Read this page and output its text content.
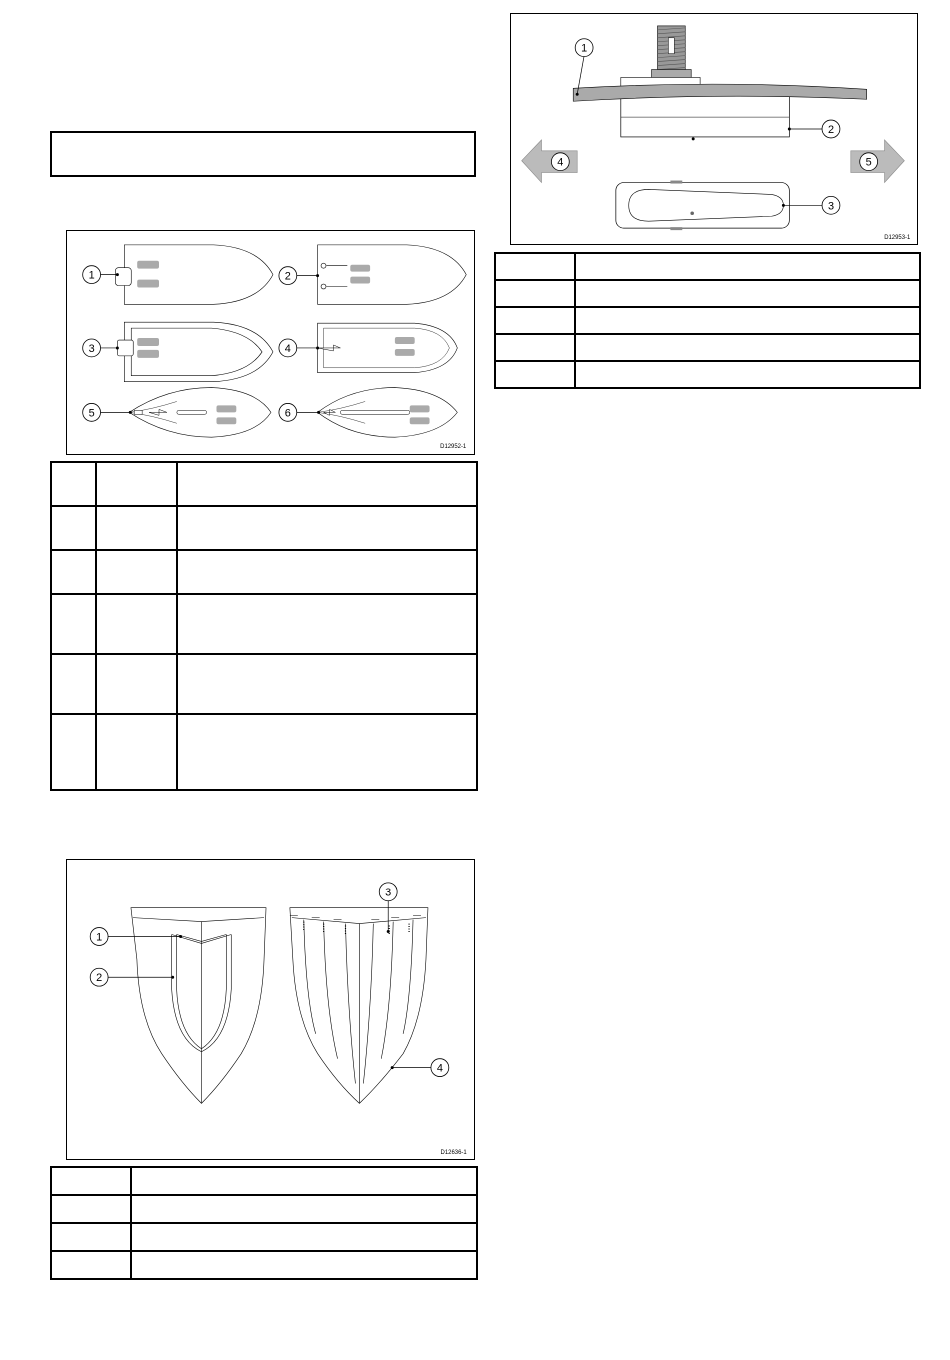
1	2
3	4
5	6
D12952-1

1
2
3
4	5
D12953-1

1
2
3
4
D12636-1
